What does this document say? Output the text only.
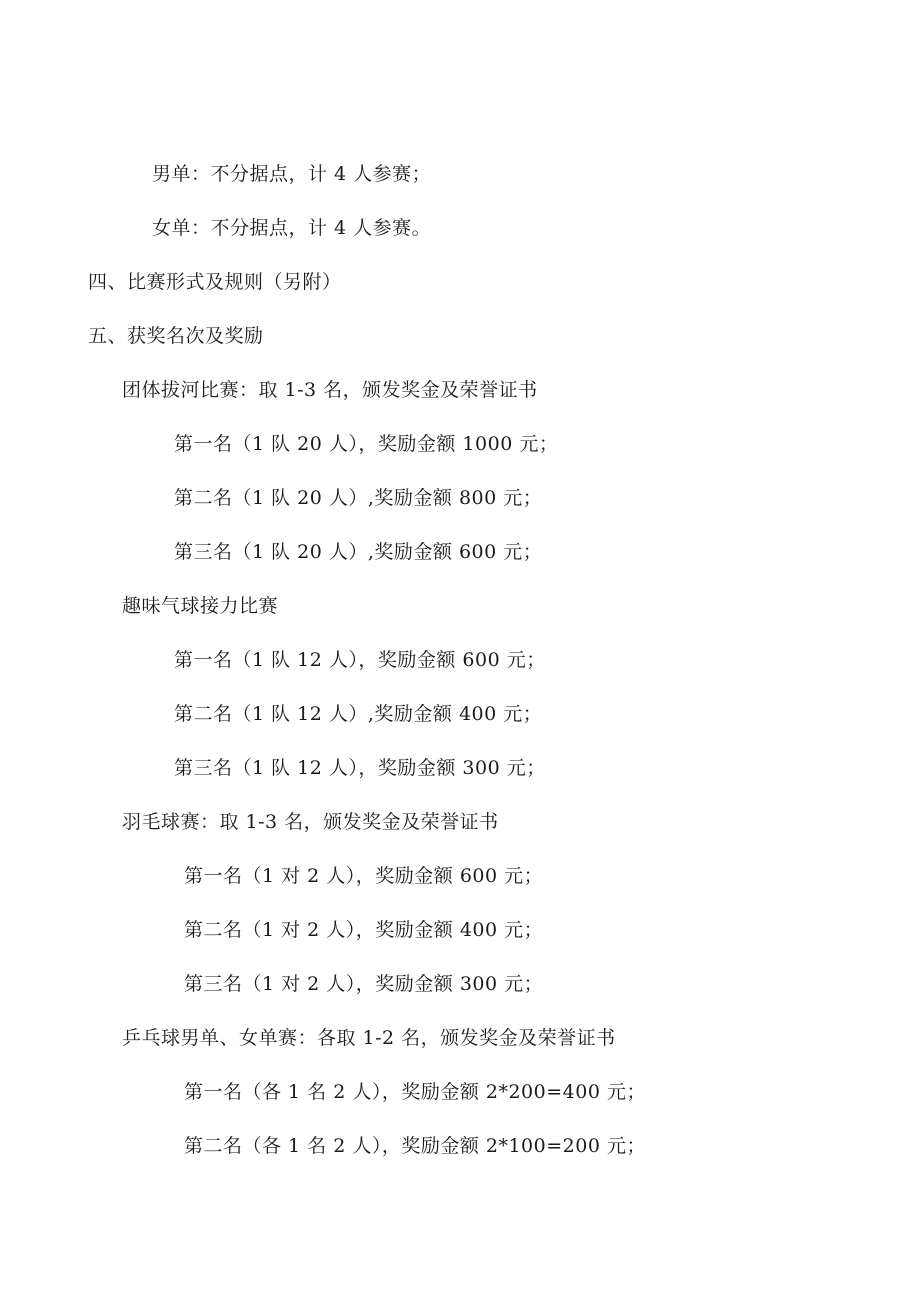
男单：不分据点，计 4 人参赛；
女单：不分据点，计 4 人参赛。
四、比赛形式及规则（另附）
五、获奖名次及奖励
团体拔河比赛：取 1-3 名，颁发奖金及荣誉证书
第一名（1 队 20 人），奖励金额 1000 元；
第二名（1 队 20 人）,奖励金额 800 元；
第三名（1 队 20 人）,奖励金额 600 元；
趣味气球接力比赛
第一名（1 队 12 人），奖励金额 600 元；
第二名（1 队 12 人）,奖励金额 400 元；
第三名（1 队 12 人），奖励金额 300 元；
羽毛球赛：取 1-3 名，颁发奖金及荣誉证书
第一名（1 对 2 人），奖励金额 600 元；
第二名（1 对 2 人），奖励金额 400 元；
第三名（1 对 2 人），奖励金额 300 元；
乒乓球男单、女单赛：各取 1-2 名，颁发奖金及荣誉证书
第一名（各 1 名 2 人），奖励金额 2*200=400 元；
第二名（各 1 名 2 人），奖励金额 2*100=200 元；
